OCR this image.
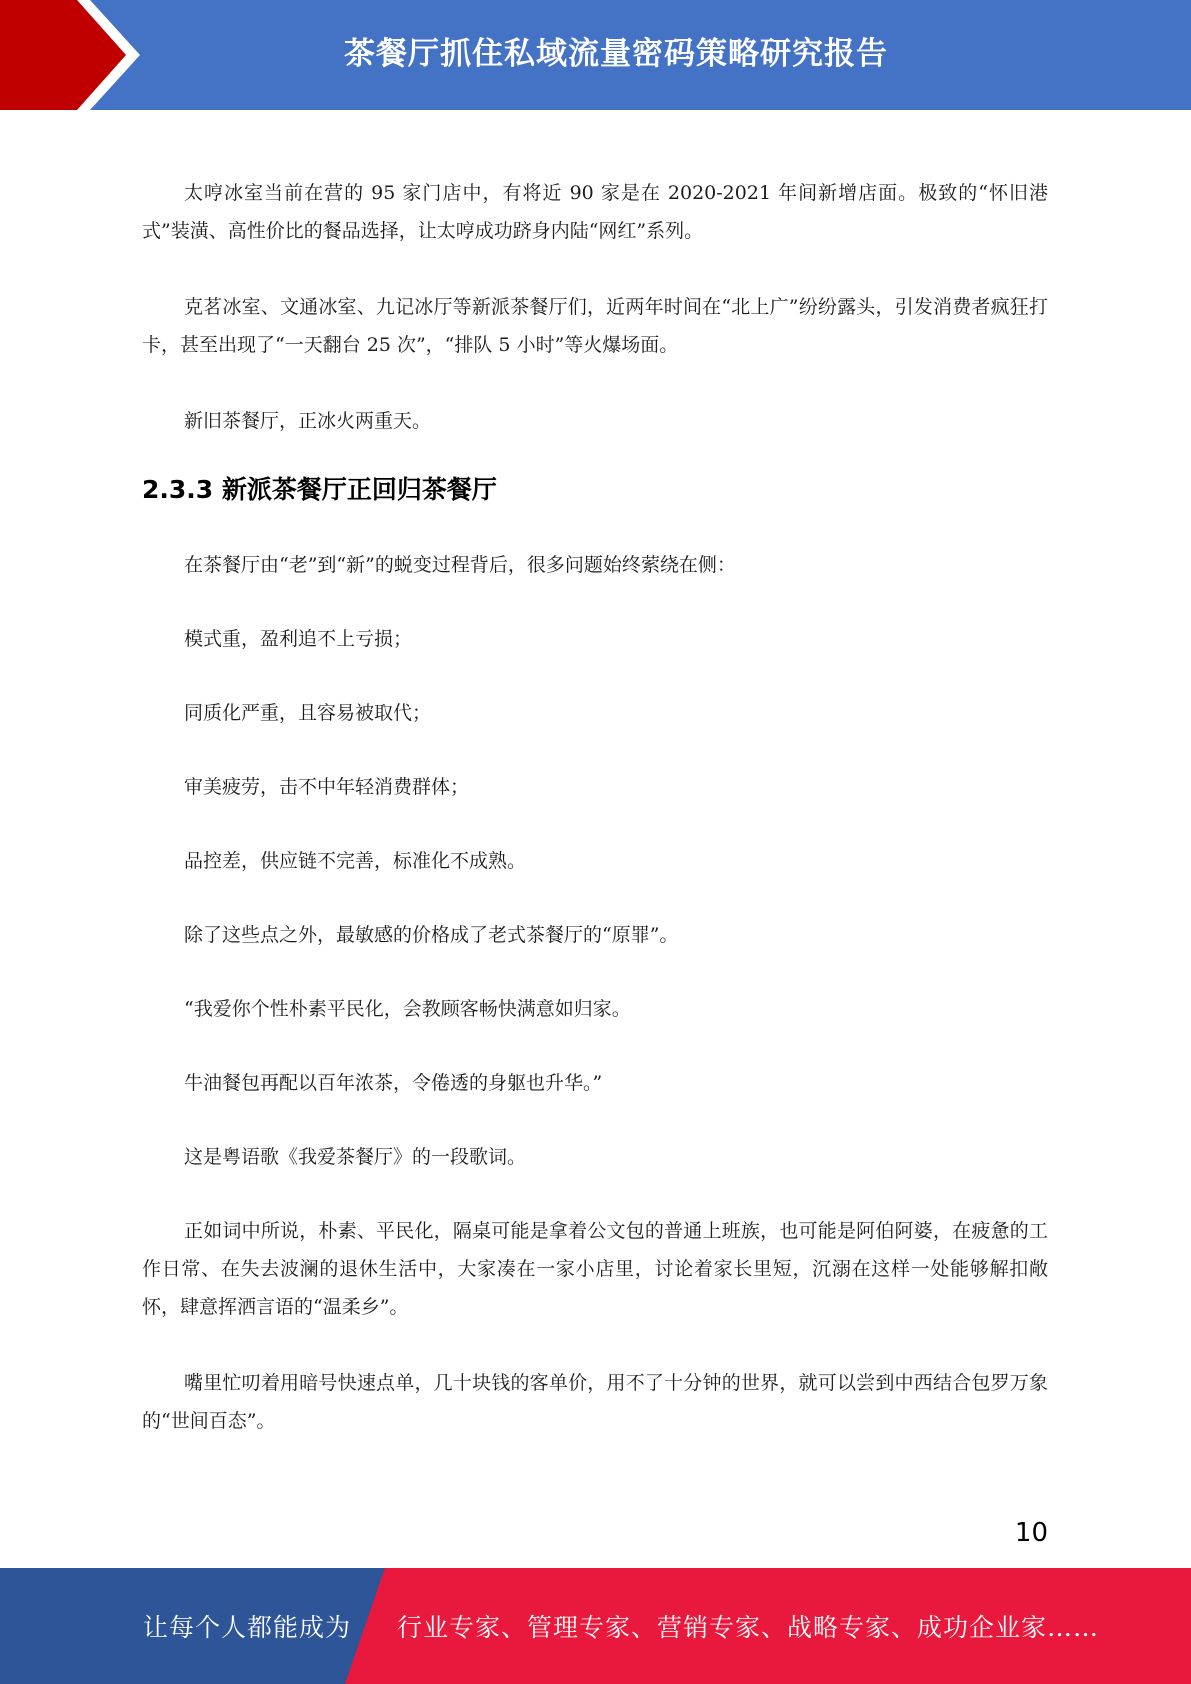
茶餐厅抓住私域流量密码策略研究报告

太哼冰室当前在营的 95 家门店中，有将近 90 家是在 2020-2021 年间新增店面。极致的“怀旧港式”装潢、高性价比的餐品选择，让太哼成功跻身内陆“网红”系列。

克茗冰室、文通冰室、九记冰厅等新派茶餐厅们，近两年时间在“北上广”纷纷露头，引发消费者疯狂打卡，甚至出现了“一天翻台 25 次”，“排队 5 小时”等火爆场面。

新旧茶餐厅，正冰火两重天。

2.3.3 新派茶餐厅正回归茶餐厅

在茶餐厅由“老”到“新”的蜕变过程背后，很多问题始终萦绕在侧：

模式重，盈利追不上亏损；

同质化严重，且容易被取代；

审美疲劳，击不中年轻消费群体；

品控差，供应链不完善，标准化不成熟。

除了这些点之外，最敏感的价格成了老式茶餐厅的“原罪”。

“我爱你个性朴素平民化，会教顾客畅快满意如归家。

牛油餐包再配以百年浓茶，令倦透的身躯也升华。”

这是粤语歌《我爱茶餐厅》的一段歌词。

正如词中所说，朴素、平民化，隔桌可能是拿着公文包的普通上班族，也可能是阿伯阿婆，在疲惫的工作日常、在失去波澜的退休生活中，大家凑在一家小店里，讨论着家长里短，沉溺在这样一处能够解扣敞怀，肆意挥洒言语的“温柔乡”。

嘴里忙叨着用暗号快速点单，几十块钱的客单价，用不了十分钟的世界，就可以尝到中西结合包罗万象的“世间百态”。

10
让每个人都能成为 行业专家、管理专家、营销专家、战略专家、成功企业家……
